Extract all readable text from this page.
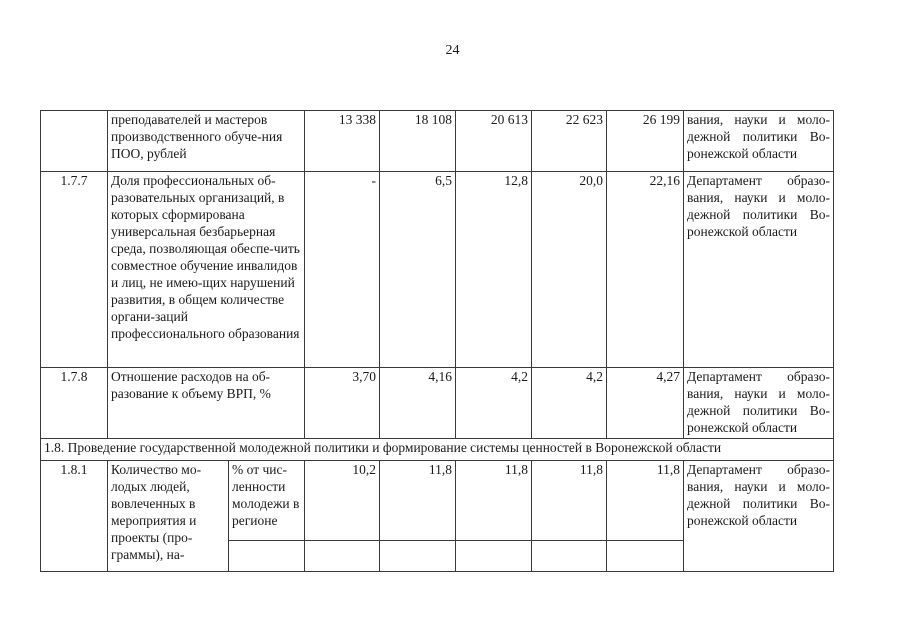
24
	преподавателей и мастеров производственного обуче-ния ПОО, рублей		13 338	18 108	20 613	22 623	26 199	вания, науки и моло-дежной политики Во-ронежской области
1.7.7	Доля профессиональных об-разовательных организаций, в которых сформирована универсальная безбарьерная среда, позволяющая обеспе-чить совместное обучение инвалидов и лиц, не имею-щих нарушений развития, в общем количестве органи-заций профессионального образования		-	6,5	12,8	20,0	22,16	Департамент образо-вания, науки и моло-дежной политики Во-ронежской области
1.7.8	Отношение расходов на об-разование к объему ВРП, %		3,70	4,16	4,2	4,2	4,27	Департамент образо-вания, науки и моло-дежной политики Во-ронежской области
1.8. Проведение государственной молодежной политики и формирование системы ценностей в Воронежской области								
1.8.1	Количество мо-лодых людей, вовлеченных в мероприятия и проекты (про-граммы), на-	% от чис-ленности молодежи в регионе	10,2	11,8	11,8	11,8	11,8	Департамент образо-вания, науки и моло-дежной политики Во-ронежской области
